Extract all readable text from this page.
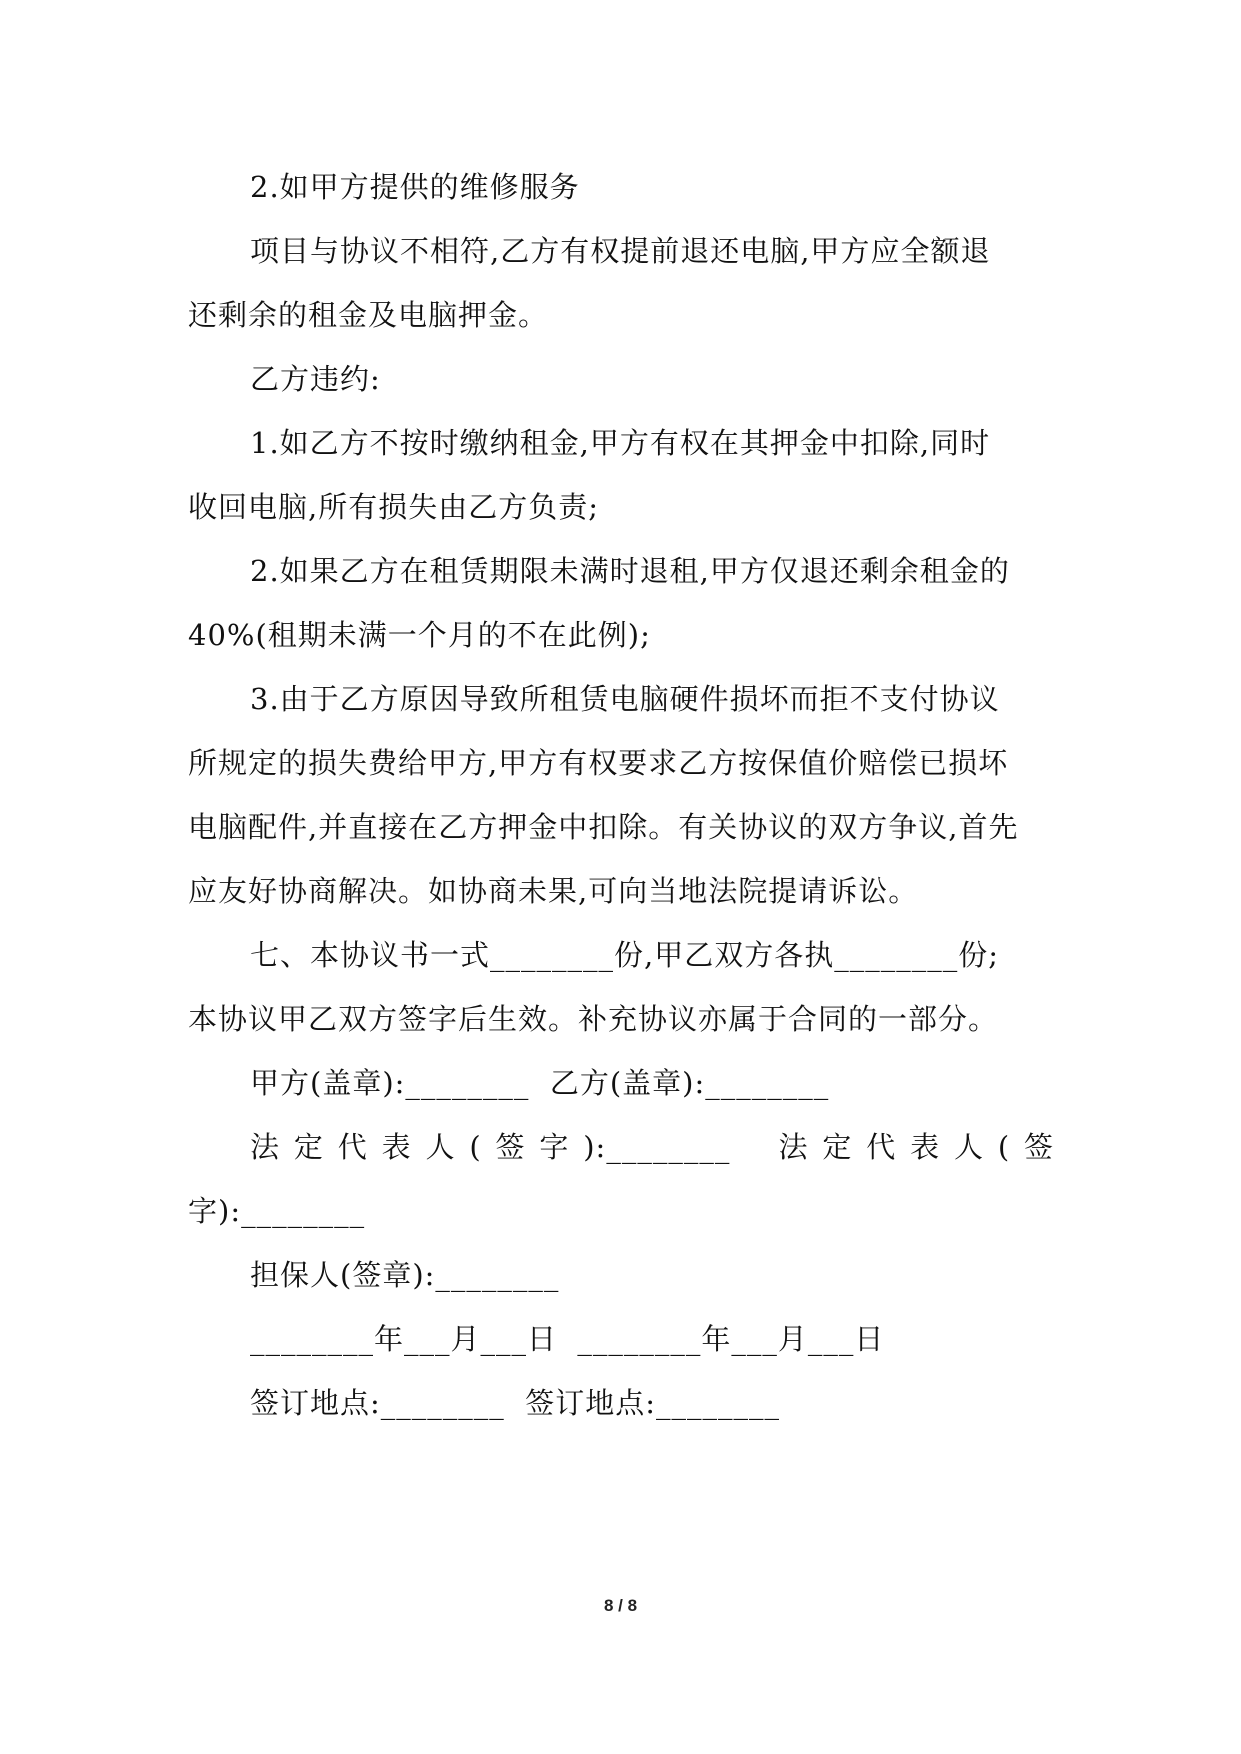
2.如甲方提供的维修服务

项目与协议不相符,乙方有权提前退还电脑,甲方应全额退

还剩余的租金及电脑押金。

乙方违约:

1.如乙方不按时缴纳租金,甲方有权在其押金中扣除,同时

收回电脑,所有损失由乙方负责;

2.如果乙方在租赁期限未满时退租,甲方仅退还剩余租金的

40%(租期未满一个月的不在此例);

3.由于乙方原因导致所租赁电脑硬件损坏而拒不支付协议

所规定的损失费给甲方,甲方有权要求乙方按保值价赔偿已损坏

电脑配件,并直接在乙方押金中扣除。有关协议的双方争议,首先

应友好协商解决。如协商未果,可向当地法院提请诉讼。

七、本协议书一式________份,甲乙双方各执________份;

本协议甲乙双方签字后生效。补充协议亦属于合同的一部分。

甲方(盖章):________  乙方(盖章):________

法定代表人(签字):________  法定代表人(签

字):________

担保人(签章):________

________年___月___日  ________年___月___日

签订地点:________  签订地点:________

8 / 8
